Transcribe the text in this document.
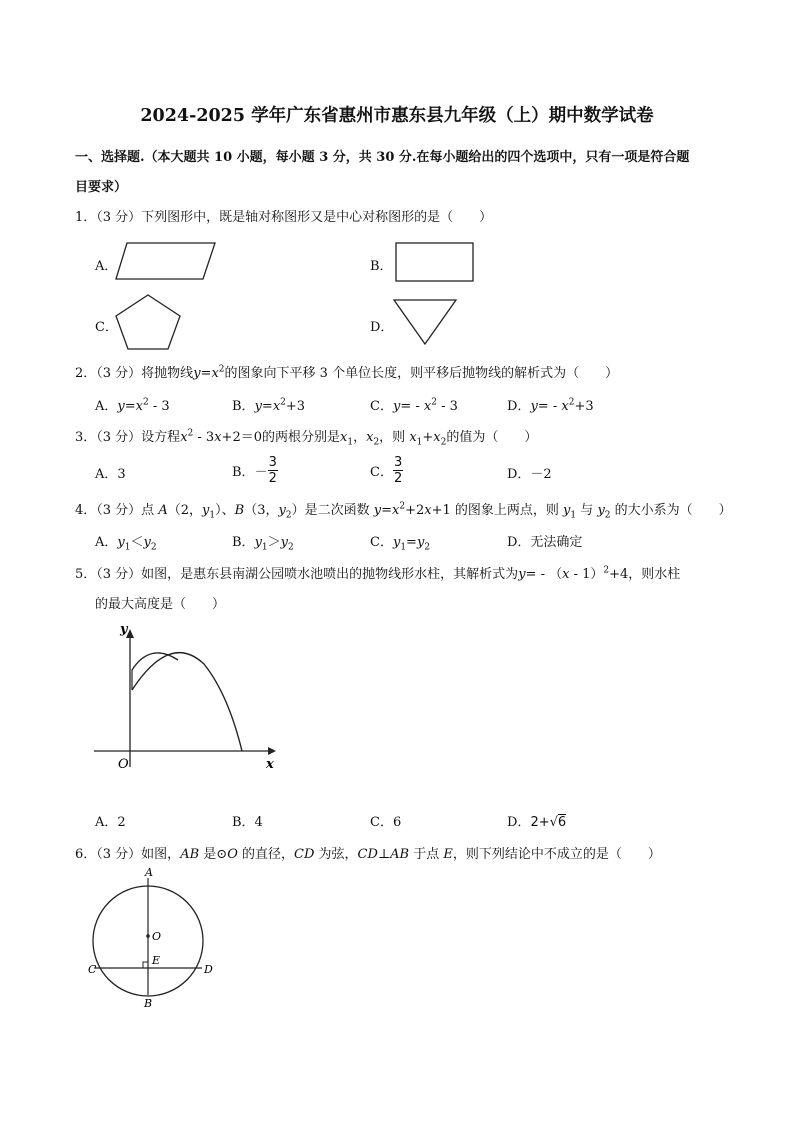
2024-2025 学年广东省惠州市惠东县九年级（上）期中数学试卷
一、选择题.（本大题共 10 小题，每小题 3 分，共 30 分.在每小题给出的四个选项中，只有一项是符合题
目要求）
1．（3 分）下列图形中，既是轴对称图形又是中心对称图形的是（　　）
A．	B．
C．	D．
2．（3 分）将抛物线$y=x^2$的图象向下平移 3 个单位长度，则平移后抛物线的解析式为（　　）
A．$y=x^2 - 3$	B．$y=x^2+3$	C．$y= - x^2 - 3$	D．$y= - x^2+3$
3．（3 分）设方程$x^2 - 3x+2=0$的两根分别是$x_1$，$x_2$，则 $x_1+x_2$的值为（　　）
A．3	B．－ $\frac{3}{2}$	C． $\frac{3}{2}$	D．－2
4．（3 分）点 A（2，$y_1$）、B（3，$y_2$）是二次函数 $y=x^2+2x+1$ 的图象上两点，则 $y_1$ 与 $y_2$ 的大小系为（　　）
A．$y_1<y_2$	B．$y_1>y_2$	C．$y_1=y_2$	D．无法确定
5．（3 分）如图，是惠东县南湖公园喷水池喷出的抛物线形水柱，其解析式为y= - （x - 1）$^2$+4，则水柱
的最大高度是（　　）
y
x
O
A．2	B．4	C．6	D．2+√6
6．（3 分）如图，AB 是⊙O 的直径，CD 为弦，CD⊥AB 于点 E，则下列结论中不成立的是（　　）
A
B
C	D
O
E
